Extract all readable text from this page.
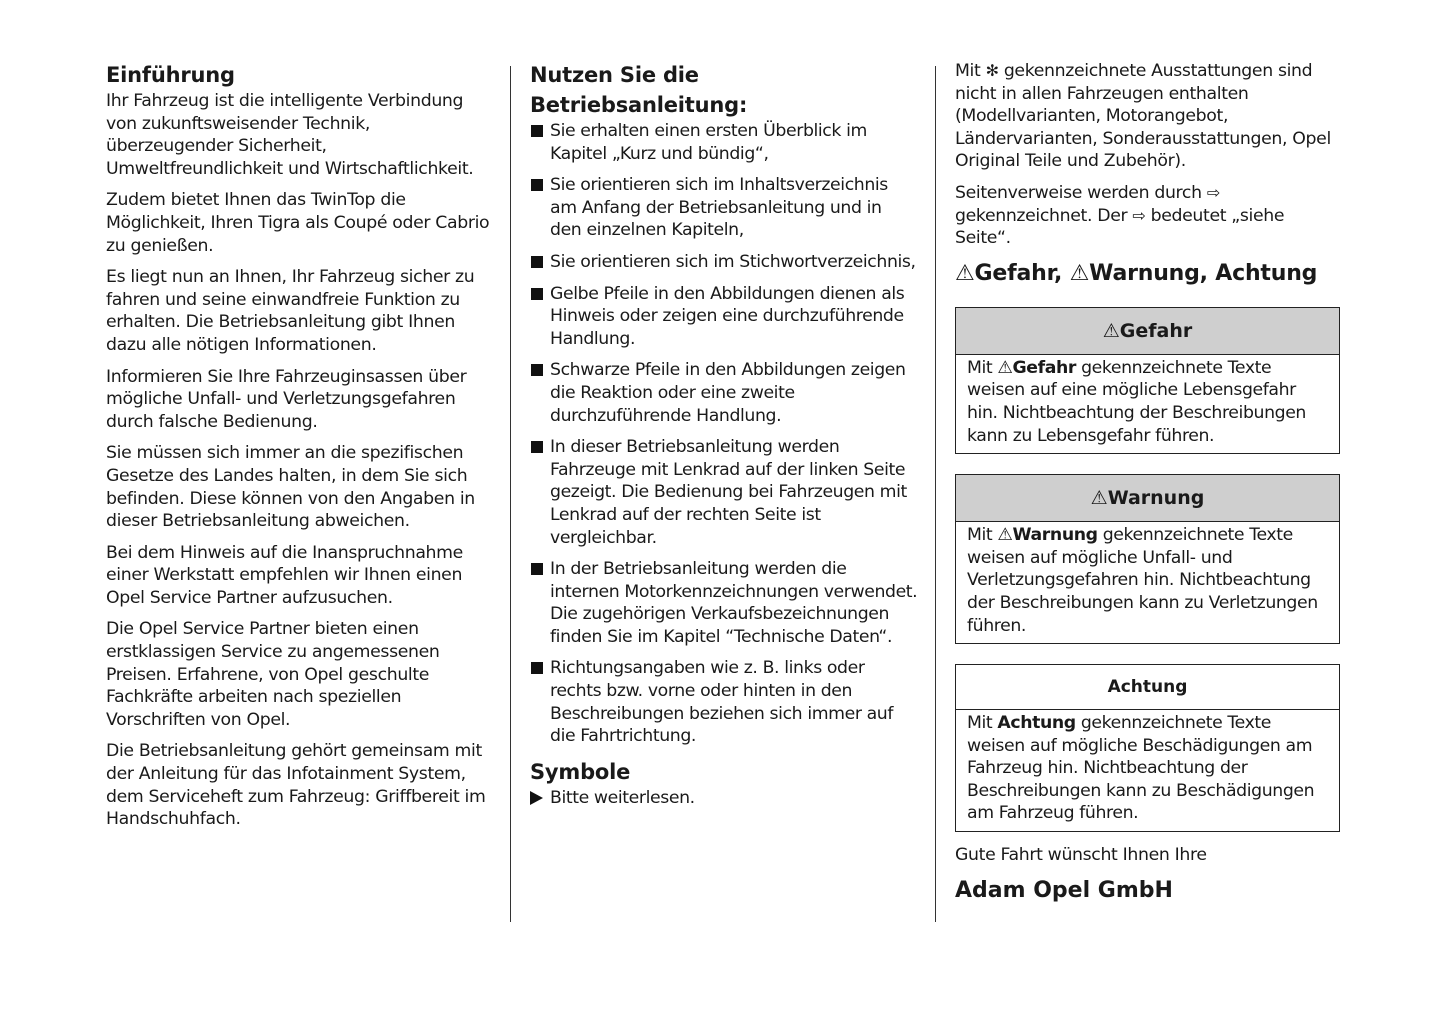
Einführung

Ihr Fahrzeug ist die intelligente Verbindung von zukunftsweisender Technik, überzeugender Sicherheit, Umweltfreundlichkeit und Wirtschaftlichkeit.

Zudem bietet Ihnen das TwinTop die Möglichkeit, Ihren Tigra als Coupé oder Cabrio zu genießen.

Es liegt nun an Ihnen, Ihr Fahrzeug sicher zu fahren und seine einwandfreie Funktion zu erhalten. Die Betriebsanleitung gibt Ihnen dazu alle nötigen Informationen.

Informieren Sie Ihre Fahrzeuginsassen über mögliche Unfall- und Verletzungsgefahren durch falsche Bedienung.

Sie müssen sich immer an die spezifischen Gesetze des Landes halten, in dem Sie sich befinden. Diese können von den Angaben in dieser Betriebsanleitung abweichen.

Bei dem Hinweis auf die Inanspruchnahme einer Werkstatt empfehlen wir Ihnen einen Opel Service Partner aufzusuchen.

Die Opel Service Partner bieten einen erstklassigen Service zu angemessenen Preisen. Erfahrene, von Opel geschulte Fachkräfte arbeiten nach speziellen Vorschriften von Opel.

Die Betriebsanleitung gehört gemeinsam mit der Anleitung für das Infotainment System, dem Serviceheft zum Fahrzeug: Griffbereit im Handschuhfach.

Nutzen Sie die Betriebsanleitung:
Sie erhalten einen ersten Überblick im Kapitel „Kurz und bündig“,
Sie orientieren sich im Inhaltsverzeichnis am Anfang der Betriebsanleitung und in den einzelnen Kapiteln,
Sie orientieren sich im Stichwortverzeichnis,
Gelbe Pfeile in den Abbildungen dienen als Hinweis oder zeigen eine durchzuführende Handlung.
Schwarze Pfeile in den Abbildungen zeigen die Reaktion oder eine zweite durchzuführende Handlung.
In dieser Betriebsanleitung werden Fahrzeuge mit Lenkrad auf der linken Seite gezeigt. Die Bedienung bei Fahrzeugen mit Lenkrad auf der rechten Seite ist vergleichbar.
In der Betriebsanleitung werden die internen Motorkennzeichnungen verwendet. Die zugehörigen Verkaufsbezeichnungen finden Sie im Kapitel “Technische Daten“.
Richtungsangaben wie z. B. links oder rechts bzw. vorne oder hinten in den Beschreibungen beziehen sich immer auf die Fahrtrichtung.
Symbole
Bitte weiterlesen.

Mit ✻ gekennzeichnete Ausstattungen sind nicht in allen Fahrzeugen enthalten (Modellvarianten, Motorangebot, Ländervarianten, Sonderausstattungen, Opel Original Teile und Zubehör).

Seitenverweise werden durch ⇨ gekennzeichnet. Der ⇨ bedeutet „siehe Seite“.

⚠Gefahr, ⚠Warnung, Achtung
⚠Gefahr
Mit ⚠Gefahr gekennzeichnete Texte weisen auf eine mögliche Lebensgefahr hin. Nichtbeachtung der Beschreibungen kann zu Lebensgefahr führen.
⚠Warnung
Mit ⚠Warnung gekennzeichnete Texte weisen auf mögliche Unfall- und Verletzungsgefahren hin. Nichtbeachtung der Beschreibungen kann zu Verletzungen führen.
Achtung
Mit Achtung gekennzeichnete Texte weisen auf mögliche Beschädigungen am Fahrzeug hin. Nichtbeachtung der Beschreibungen kann zu Beschädigungen am Fahrzeug führen.

Gute Fahrt wünscht Ihnen Ihre

Adam Opel GmbH
